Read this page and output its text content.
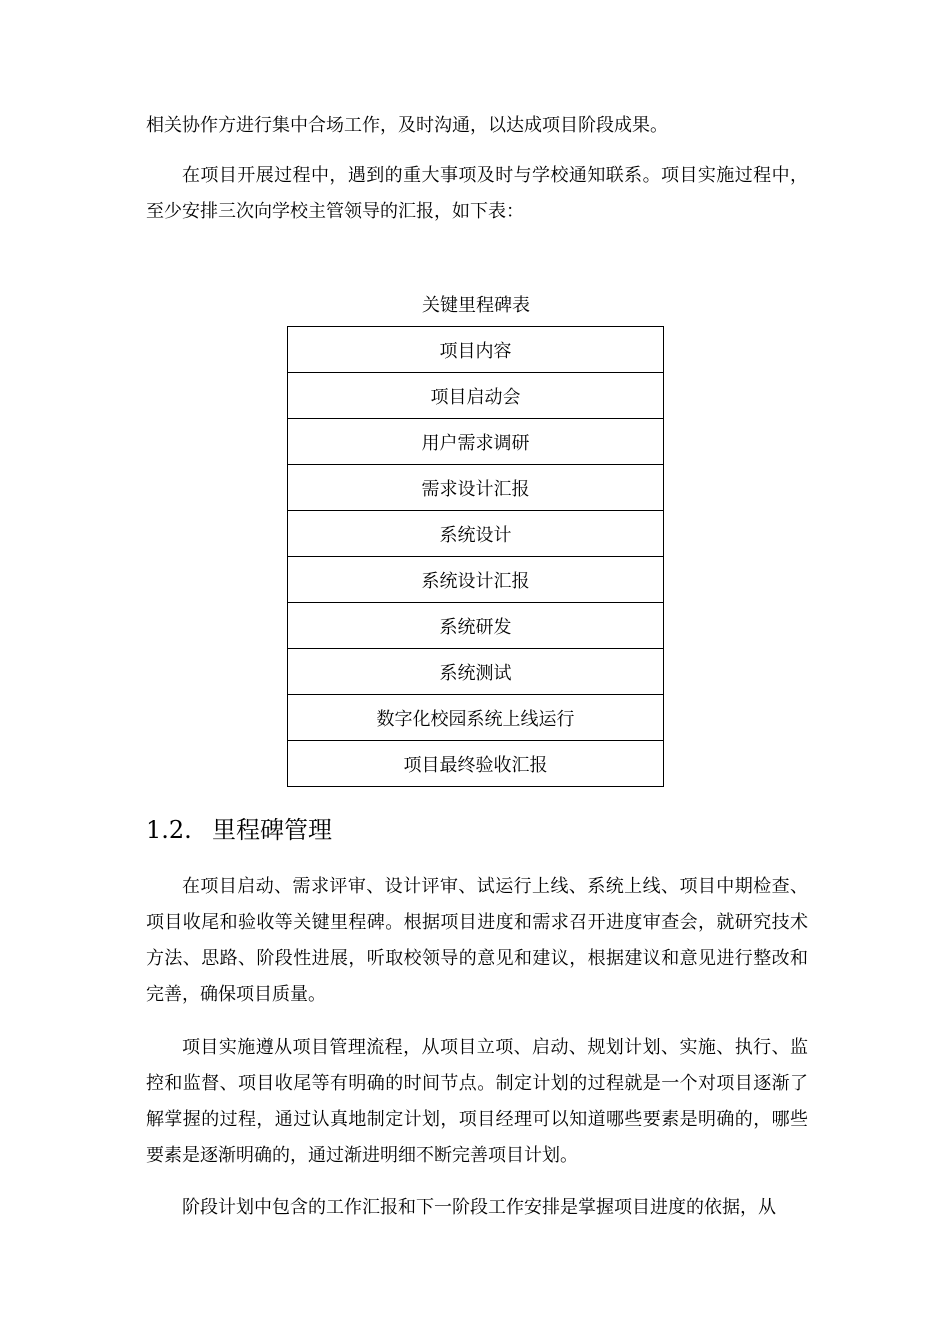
相关协作方进行集中合场工作，及时沟通，以达成项目阶段成果。

在项目开展过程中，遇到的重大事项及时与学校通知联系。项目实施过程中，至少安排三次向学校主管领导的汇报，如下表：

关键里程碑表
项目内容
项目启动会
用户需求调研
需求设计汇报
系统设计
系统设计汇报
系统研发
系统测试
数字化校园系统上线运行
项目最终验收汇报
1.2. 里程碑管理

在项目启动、需求评审、设计评审、试运行上线、系统上线、项目中期检查、项目收尾和验收等关键里程碑。根据项目进度和需求召开进度审查会，就研究技术方法、思路、阶段性进展，听取校领导的意见和建议，根据建议和意见进行整改和完善，确保项目质量。

项目实施遵从项目管理流程，从项目立项、启动、规划计划、实施、执行、监控和监督、项目收尾等有明确的时间节点。制定计划的过程就是一个对项目逐渐了解掌握的过程，通过认真地制定计划，项目经理可以知道哪些要素是明确的，哪些要素是逐渐明确的，通过渐进明细不断完善项目计划。

阶段计划中包含的工作汇报和下一阶段工作安排是掌握项目进度的依据，从
